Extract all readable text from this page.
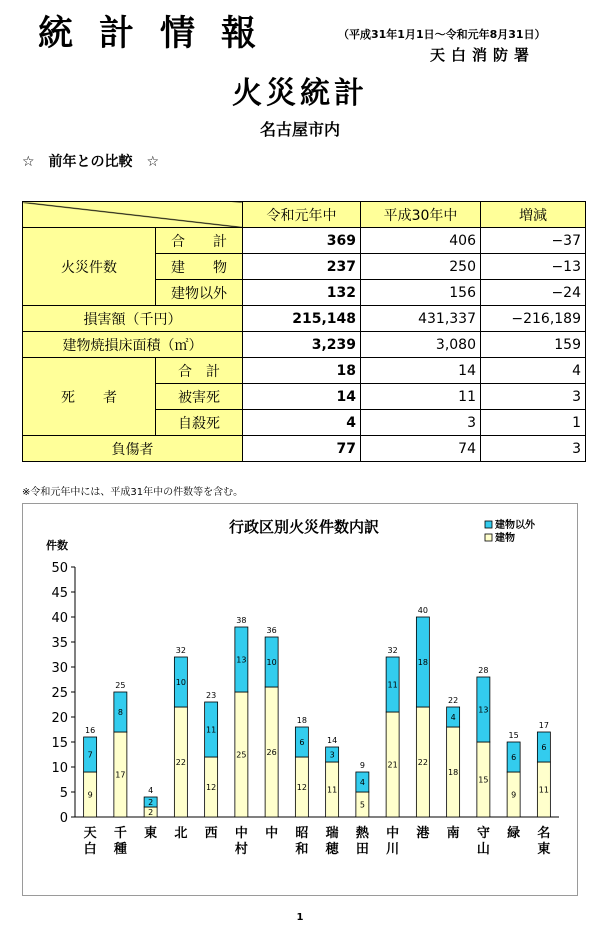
統計情報	（平成31年1月1日～令和元年8月31日）
天白消防署
火災統計
名古屋市内
☆　前年との比較　☆
		令和元年中	平成30年中	増減
火災件数	合　　計	369	406	−37
	建　　物	237	250	−13
	建物以外	132	156	−24
損害額（千円）		215,148	431,337	−216,189
建物焼損床面積（㎡）		3,239	3,080	159
死　　者	合　計	18	14	4
	被害死	14	11	3
	自殺死	4	3	1
負傷者		77	74	3
※令和元年中には、平成31年中の件数等を含む。
行政区別火災件数内訳
件数
0
5
10
15
20
25
30
35
40
45
50
9
7
16
天白
17
8
25
千種
2
2
4
東
22
10
32
北
12
11
23
西
25
13
38
中村
26
10
36
中
12
6
18
昭和
11
3
14
瑞穂
5
4
9
熱田
21
11
32
中川
22
18
40
港
18
4
22
南
15
13
28
守山
9
6
15
緑
11
6
17
名東
建物以外
建物
1
